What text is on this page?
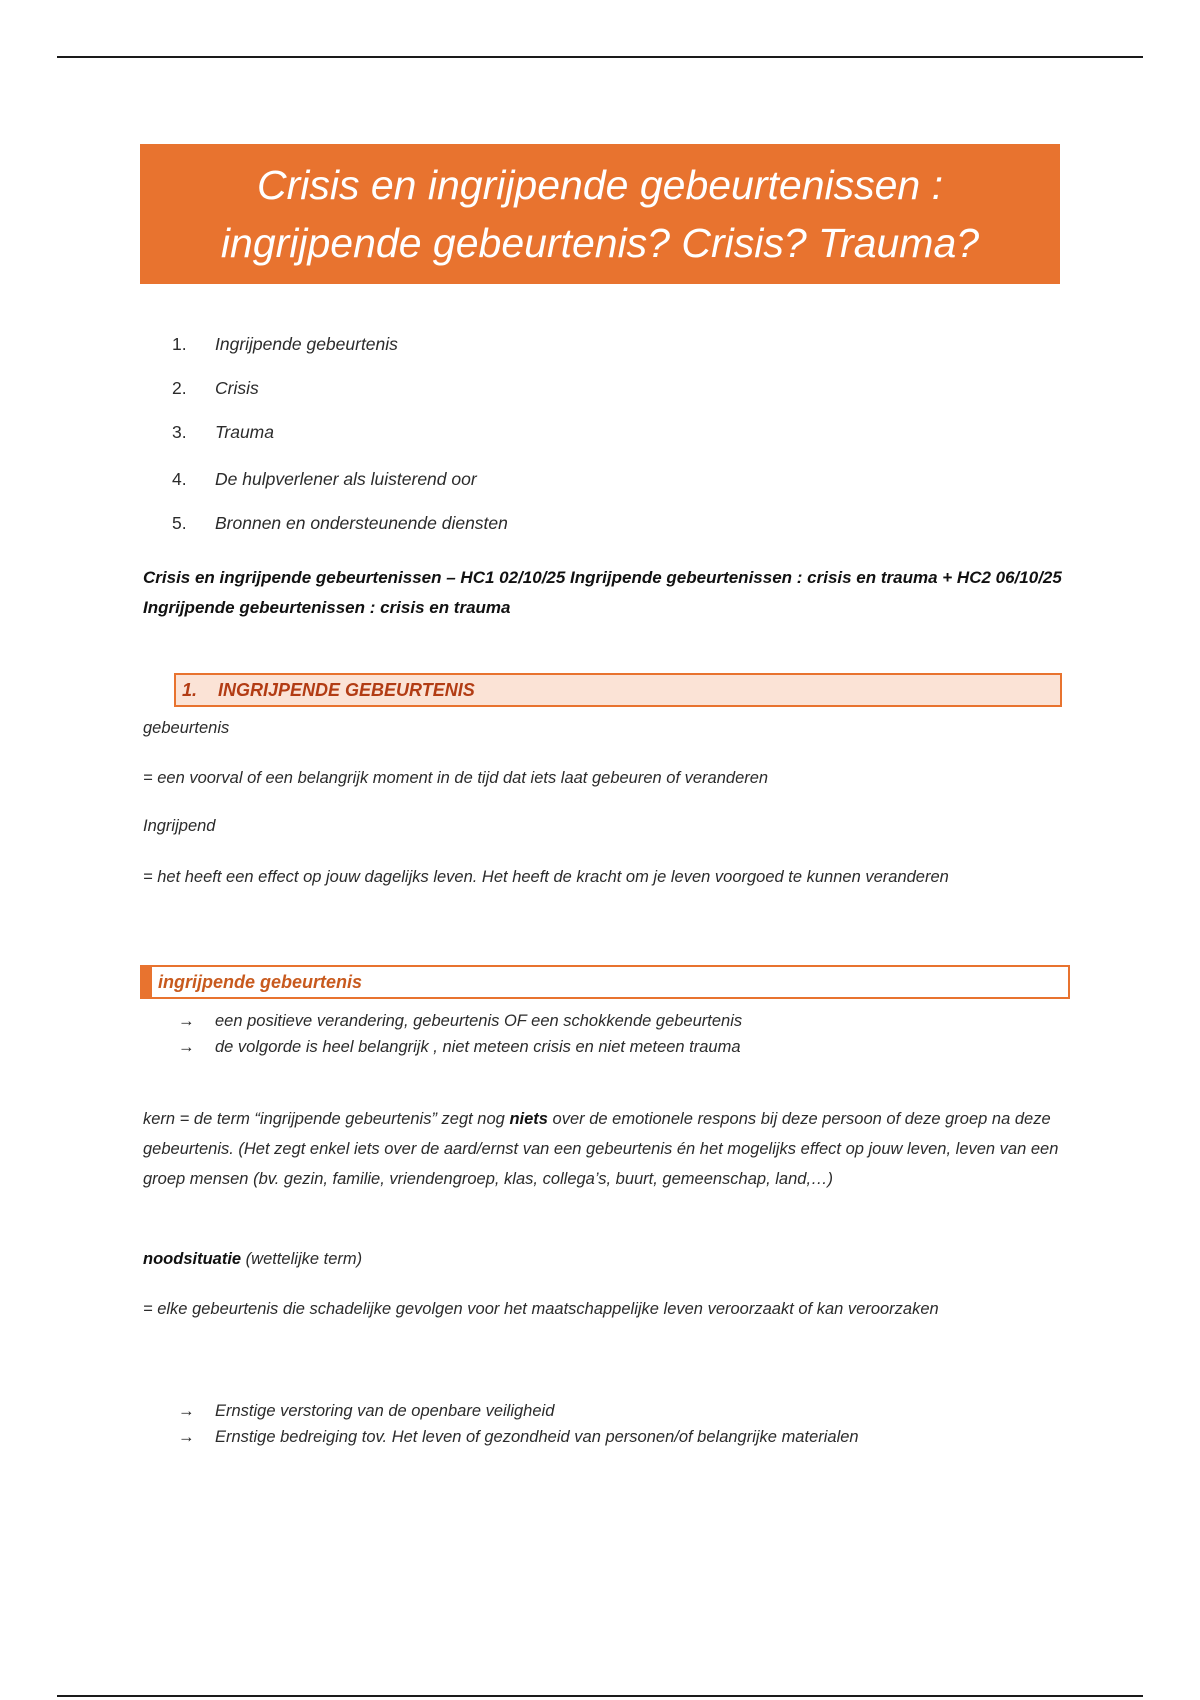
Crisis en ingrijpende gebeurtenissen :
ingrijpende gebeurtenis? Crisis? Trauma?
1. Ingrijpende gebeurtenis
2. Crisis
3. Trauma
4. De hulpverlener als luisterend oor
5. Bronnen en ondersteunende diensten
Crisis en ingrijpende gebeurtenissen – HC1 02/10/25 Ingrijpende gebeurtenissen : crisis en trauma + HC2 06/10/25 Ingrijpende gebeurtenissen : crisis en trauma
1.	INGRIJPENDE GEBEURTENIS
gebeurtenis
= een voorval of een belangrijk moment in de tijd dat iets laat gebeuren of veranderen
Ingrijpend
= het heeft een effect op jouw dagelijks leven. Het heeft de kracht om je leven voorgoed te kunnen veranderen
ingrijpende gebeurtenis
→ een positieve verandering, gebeurtenis OF een schokkende gebeurtenis
→ de volgorde is heel belangrijk , niet meteen crisis en niet meteen trauma
kern = de term “ingrijpende gebeurtenis” zegt nog niets over de emotionele respons bij deze persoon of deze groep na deze gebeurtenis. (Het zegt enkel iets over de aard/ernst van een gebeurtenis én het mogelijks effect op jouw leven, leven van een groep mensen (bv. gezin, familie, vriendengroep, klas, collega’s, buurt, gemeenschap, land,…)
noodsituatie (wettelijke term)
= elke gebeurtenis die schadelijke gevolgen voor het maatschappelijke leven veroorzaakt of kan veroorzaken
→ Ernstige verstoring van de openbare veiligheid
→ Ernstige bedreiging tov. Het leven of gezondheid van personen/of belangrijke materialen
